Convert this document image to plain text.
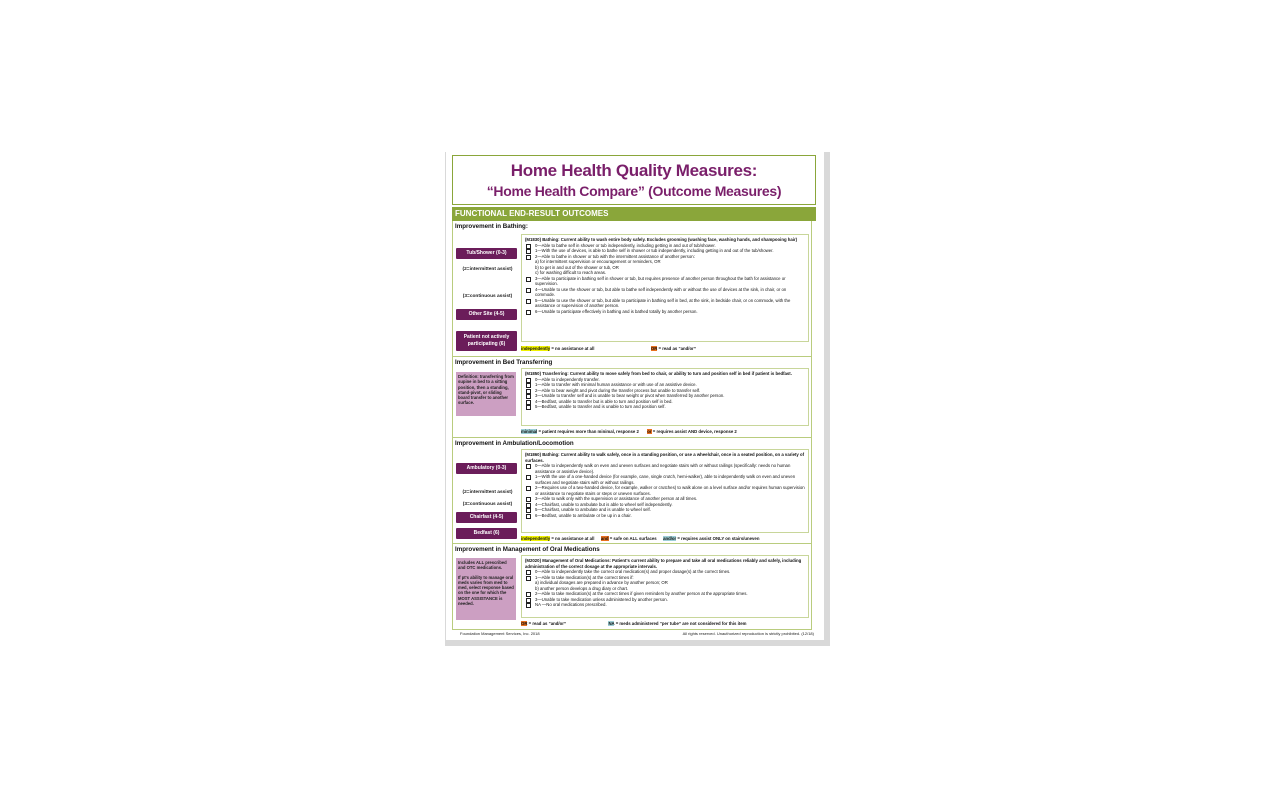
Home Health Quality Measures:
“Home Health Compare” (Outcome Measures)
FUNCTIONAL END-RESULT OUTCOMES
Improvement in Bathing:
Tub/Shower (0-3)
(2=intermittent assist)
(3=continuous assist)
Other Site (4-5)
Patient not actively participating (6)
(M1830) Bathing: Current ability to wash entire body safely. Excludes grooming (washing face, washing hands, and shampooing hair)
0—Able to bathe self in shower or tub independently, including getting in and out of tub/shower.
1—With the use of devices, is able to bathe self in shower or tub independently, including getting in and out of the tub/shower.
2—Able to bathe in shower or tub with the intermittent assistance of another person:
a) for intermittent supervision or encouragement or reminders, OR
b) to get in and out of the shower or tub, OR
c) for washing difficult to reach areas.
3—Able to participate in bathing self in shower or tub, but requires presence of another person throughout the bath for assistance or supervision.
4—Unable to use the shower or tub, but able to bathe self independently with or without the use of devices at the sink, in chair, or on commode.
5—Unable to use the shower or tub, but able to participate in bathing self in bed, at the sink, in bedside chair, or on commode, with the assistance or supervision of another person.
6—Unable to participate effectively in bathing and is bathed totally by another person.
independently = no assistance at all	OR = read as “and/or”
Improvement in Bed Transferring
Definition: transferring from supine in bed to a sitting position, then a standing, stand-pivot, or sliding board transfer to another surface.
(M1850) Transferring: Current ability to move safely from bed to chair, or ability to turn and position self in bed if patient is bedfast.
0—Able to independently transfer.
1—Able to transfer with minimal human assistance or with use of an assistive device.
2—Able to bear weight and pivot during the transfer process but unable to transfer self.
3—Unable to transfer self and is unable to bear weight or pivot when transferred by another person.
4—Bedfast, unable to transfer but is able to turn and position self in bed.
5—Bedfast, unable to transfer and is unable to turn and position self.
minimal = patient requires more than minimal, response 2 or = requires assist AND device, response 2
Improvement in Ambulation/Locomotion
Ambulatory (0-3)
(2=intermittent assist)
(3=continuous assist)
Chairfast (4-5)
Bedfast (6)
(M1860) Bathing: Current ability to walk safely, once in a standing position, or use a wheelchair, once in a seated position, on a variety of surfaces.
0—Able to independently walk on even and uneven surfaces and negotiate stairs with or without railings (specifically: needs no human assistance or assistive device).
1—With the use of a one-handed device (for example, cane, single crutch, hemi-walker), able to independently walk on even and uneven surfaces and negotiate stairs with or without railings.
2—Requires use of a two-handed device, for example, walker or crutches) to walk alone on a level surface and/or requires human supervision or assistance to negotiate stairs or steps or uneven surfaces.
3—Able to walk only with the supervision or assistance of another person at all times.
4—Chairfast, unable to ambulate but is able to wheel self independently.
5—Chairfast, unable to ambulate and is unable to wheel self.
6—Bedfast, unable to ambulate or be up in a chair.
independently = no assistance at all and = safe on ALL surfaces and/or = requires assist ONLY on stairs/uneven
Improvement in Management of Oral Medications
Includes ALL prescribed and OTC medications.
If pt's ability to manage oral meds varies from med to med, select response based on the one for which the MOST ASSISTANCE is needed.
(M2020) Management of Oral Medications: Patient's current ability to prepare and take all oral medications reliably and safely, including administration of the correct dosage at the appropriate intervals.
0—Able to independently take the correct oral medication(s) and proper dosage(s) at the correct times.
1—Able to take medication(s) at the correct times if:
a) individual dosages are prepared in advance by another person; OR
b) another person develops a drug diary or chart.
2—Able to take medication(s) at the correct times if given reminders by another person at the appropriate times.
3—Unable to take medication unless administered by another person.
NA —No oral medications prescribed.
OR = read as “and/or”	NA = meds administered “per tube” are not considered for this item
Foundation Management Services, Inc. 2018	All rights reserved. Unauthorized reproduction is strictly prohibited. (12/18)
